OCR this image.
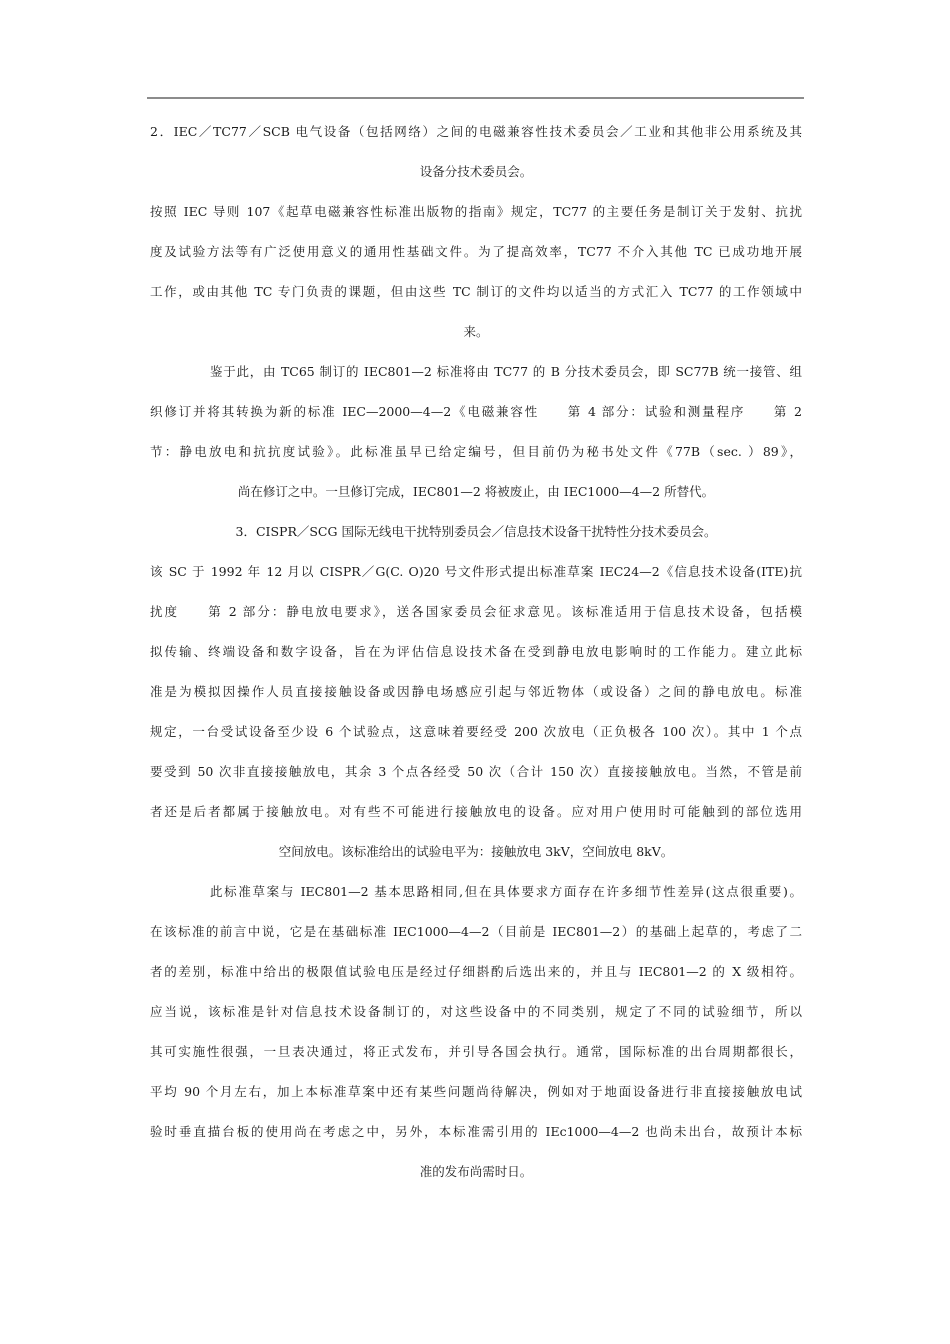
2．IEC／TC77／SCB 电气设备（包括网络）之间的电磁兼容性技术委员会／工业和其他非公用系统及其
设备分技术委员会。
按照 IEC 导则 107《起草电磁兼容性标准出版物的指南》规定，TC77 的主要任务是制订关于发射、抗扰
度及试验方法等有广泛使用意义的通用性基础文件。为了提高效率，TC77 不介入其他 TC 已成功地开展
工作，或由其他 TC 专门负责的课题，但由这些 TC 制订的文件均以适当的方式汇入 TC77 的工作领域中
来。
鉴于此，由 TC65 制订的 IEC801—2 标准将由 TC77 的 B 分技术委员会，即 SC77B 统一接管、组
织修订并将其转换为新的标准 IEC—2000—4—2《电磁兼容性　　第 4 部分：试验和测量程序　　第 2
节：静电放电和抗抗度试验》。此标准虽早已给定编号，但目前仍为秘书处文件《77B（sec. ）89》，
尚在修订之中。一旦修订完成，IEC801—2 将被废止，由 IEC1000—4—2 所替代。
3．CISPR／SCG 国际无线电干扰特别委员会／信息技术设备干扰特性分技术委员会。
该 SC 于 1992 年 12 月以 CISPR／G(C. O)20 号文件形式提出标准草案 IEC24—2《信息技术设备(ITE)抗
扰度　　第 2 部分：静电放电要求》，送各国家委员会征求意见。该标准适用于信息技术设备，包括模
拟传输、终端设备和数字设备，旨在为评估信息设技术备在受到静电放电影响时的工作能力。建立此标
准是为模拟因操作人员直接接触设备或因静电场感应引起与邻近物体（或设备）之间的静电放电。标准
规定，一台受试设备至少设 6 个试验点，这意味着要经受 200 次放电（正负极各 100 次）。其中 1 个点
要受到 50 次非直接接触放电，其余 3 个点各经受 50 次（合计 150 次）直接接触放电。当然，不管是前
者还是后者都属于接触放电。对有些不可能进行接触放电的设备。应对用户使用时可能触到的部位选用
空间放电。该标准给出的试验电平为：接触放电 3kV，空间放电 8kV。
此标准草案与 IEC801—2 基本思路相同,但在具体要求方面存在许多细节性差异(这点很重要)。
在该标准的前言中说，它是在基础标准 IEC1000—4—2（目前是 IEC801—2）的基础上起草的，考虑了二
者的差别，标准中给出的极限值试验电压是经过仔细斟酌后选出来的，并且与 IEC801—2 的 X 级相符。
应当说，该标准是针对信息技术设备制订的，对这些设备中的不同类别，规定了不同的试验细节，所以
其可实施性很强，一旦表决通过，将正式发布，并引导各国会执行。通常，国际标准的出台周期都很长，
平均 90 个月左右，加上本标准草案中还有某些问题尚待解决，例如对于地面设备进行非直接接触放电试
验时垂直描台板的使用尚在考虑之中，另外，本标准需引用的 IEc1000—4—2 也尚未出台，故预计本标
准的发布尚需时日。
